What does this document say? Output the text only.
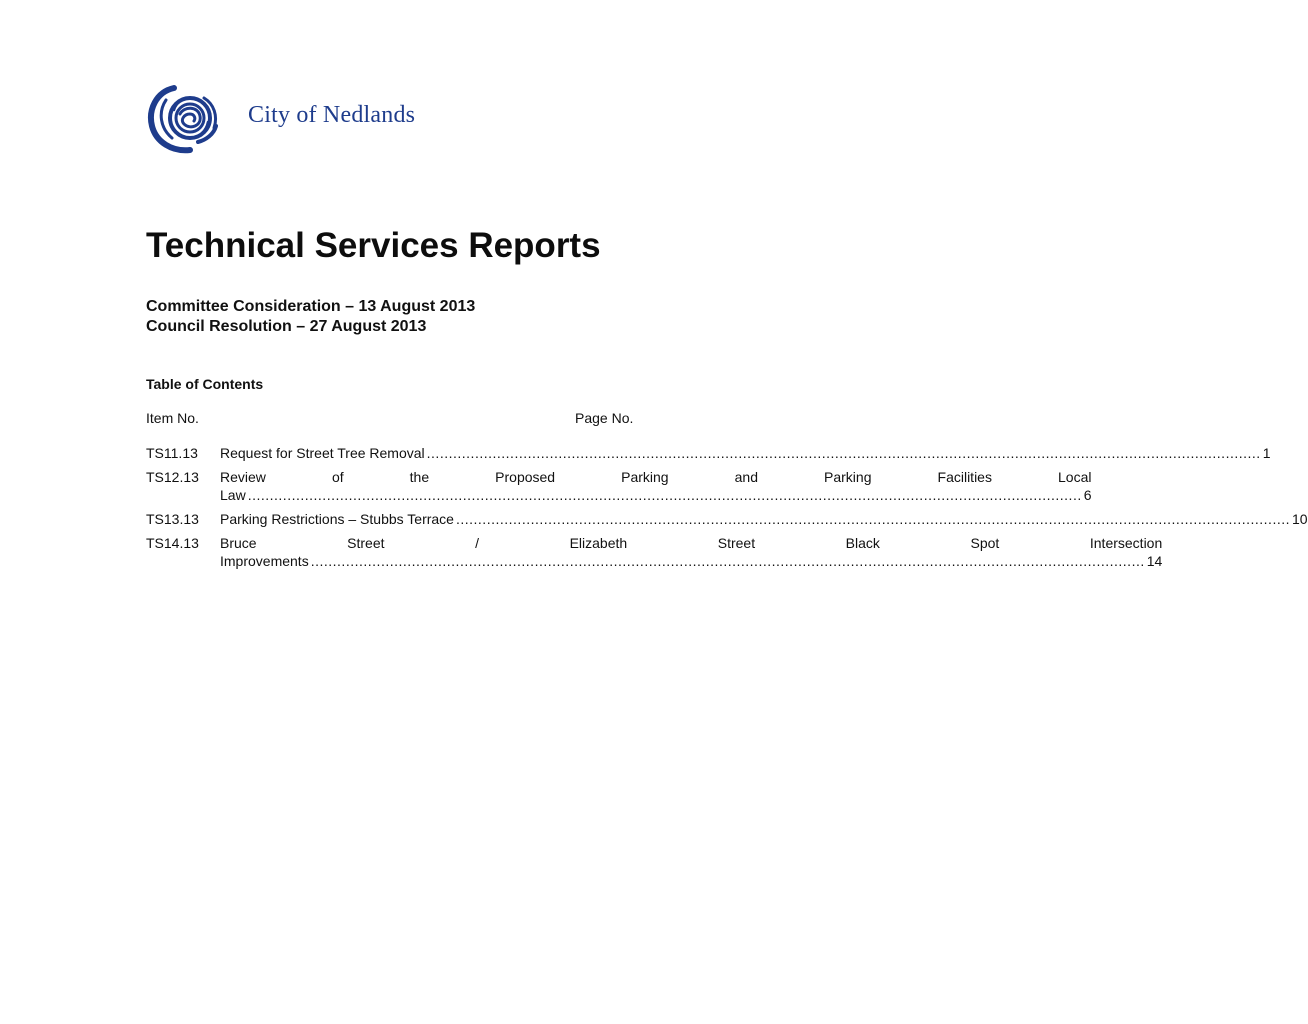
City of Nedlands
Technical Services Reports
Committee Consideration – 13 August 2013
Council Resolution – 27 August 2013
Table of Contents
Item No.	Page No.
TS11.13	Request for Street Tree Removal .....	1
TS12.13	Review	of	the	Proposed	Parking	and	Parking	Facilities	Local
Law .....	6
TS13.13	Parking Restrictions – Stubbs Terrace .....	10
TS14.13	Bruce	Street	/	Elizabeth	Street	Black	Spot	Intersection
Improvements .....	14
